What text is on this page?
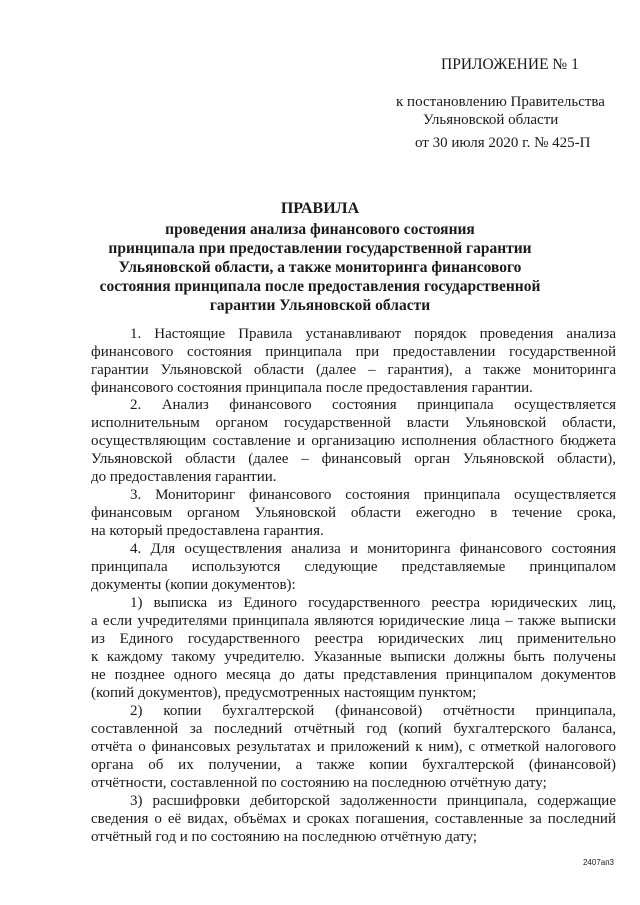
ПРИЛОЖЕНИЕ № 1
к постановлению Правительства
Ульяновской области
от 30 июля 2020 г. № 425-П
ПРАВИЛА
проведения анализа финансового состояния
принципала при предоставлении государственной гарантии
Ульяновской области, а также мониторинга финансового
состояния принципала после предоставления государственной
гарантии Ульяновской области
1. Настоящие Правила устанавливают порядок проведения анализа
финансового состояния принципала при предоставлении государственной
гарантии Ульяновской области (далее – гарантия), а также мониторинга
финансового состояния принципала после предоставления гарантии.
2. Анализ финансового состояния принципала осуществляется
исполнительным органом государственной власти Ульяновской области,
осуществляющим составление и организацию исполнения областного бюджета
Ульяновской области (далее – финансовый орган Ульяновской области),
до предоставления гарантии.
3. Мониторинг финансового состояния принципала осуществляется
финансовым органом Ульяновской области ежегодно в течение срока,
на который предоставлена гарантия.
4. Для осуществления анализа и мониторинга финансового состояния
принципала используются следующие представляемые принципалом
документы (копии документов):
1) выписка из Единого государственного реестра юридических лиц,
а если учредителями принципала являются юридические лица – также выписки
из Единого государственного реестра юридических лиц применительно
к каждому такому учредителю. Указанные выписки должны быть получены
не позднее одного месяца до даты представления принципалом документов
(копий документов), предусмотренных настоящим пунктом;
2) копии бухгалтерской (финансовой) отчётности принципала,
составленной за последний отчётный год (копий бухгалтерского баланса,
отчёта о финансовых результатах и приложений к ним), с отметкой налогового
органа об их получении, а также копии бухгалтерской (финансовой)
отчётности, составленной по состоянию на последнюю отчётную дату;
3) расшифровки дебиторской задолженности принципала, содержащие
сведения о её видах, объёмах и сроках погашения, составленные за последний
отчётный год и по состоянию на последнюю отчётную дату;
2407ап3
